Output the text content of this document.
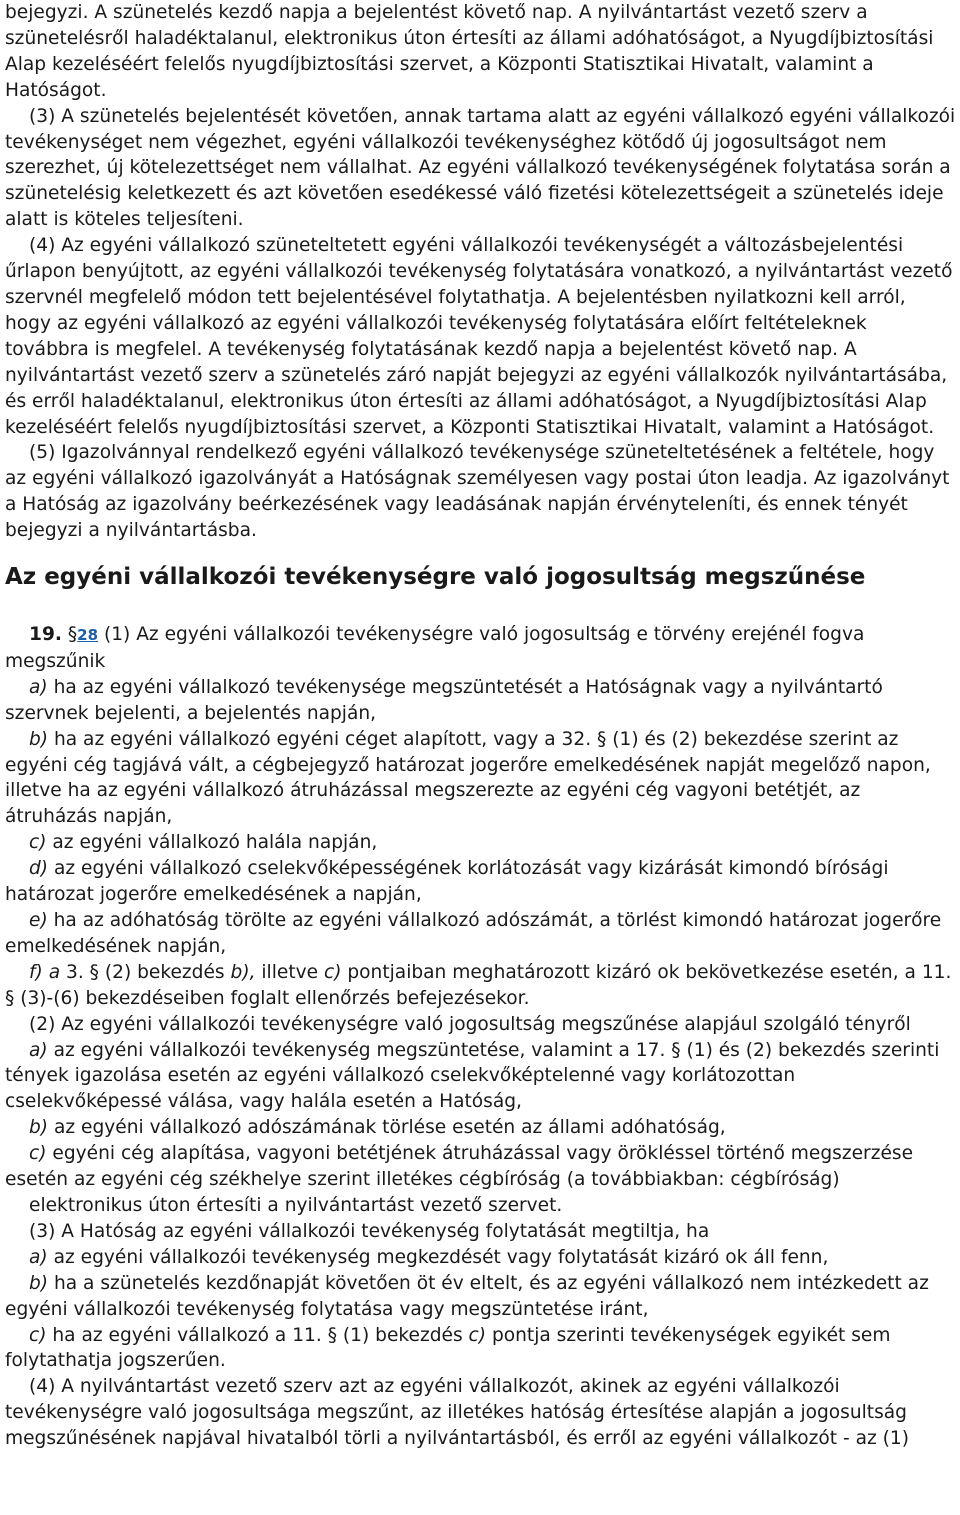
bejegyzi. A szünetelés kezdő napja a bejelentést követő nap. A nyilvántartást vezető szerv a szünetelésről haladéktalanul, elektronikus úton értesíti az állami adóhatóságot, a Nyugdíjbiztosítási Alap kezeléséért felelős nyugdíjbiztosítási szervet, a Központi Statisztikai Hivatalt, valamint a Hatóságot.

(3) A szünetelés bejelentését követően, annak tartama alatt az egyéni vállalkozó egyéni vállalkozói tevékenységet nem végezhet, egyéni vállalkozói tevékenységhez kötődő új jogosultságot nem szerezhet, új kötelezettséget nem vállalhat. Az egyéni vállalkozó tevékenységének folytatása során a szünetelésig keletkezett és azt követően esedékessé váló fizetési kötelezettségeit a szünetelés ideje alatt is köteles teljesíteni.

(4) Az egyéni vállalkozó szüneteltetett egyéni vállalkozói tevékenységét a változásbejelentési űrlapon benyújtott, az egyéni vállalkozói tevékenység folytatására vonatkozó, a nyilvántartást vezető szervnél megfelelő módon tett bejelentésével folytathatja. A bejelentésben nyilatkozni kell arról, hogy az egyéni vállalkozó az egyéni vállalkozói tevékenység folytatására előírt feltételeknek továbbra is megfelel. A tevékenység folytatásának kezdő napja a bejelentést követő nap. A nyilvántartást vezető szerv a szünetelés záró napját bejegyzi az egyéni vállalkozók nyilvántartásába, és erről haladéktalanul, elektronikus úton értesíti az állami adóhatóságot, a Nyugdíjbiztosítási Alap kezeléséért felelős nyugdíjbiztosítási szervet, a Központi Statisztikai Hivatalt, valamint a Hatóságot.

(5) Igazolvánnyal rendelkező egyéni vállalkozó tevékenysége szüneteltetésének a feltétele, hogy az egyéni vállalkozó igazolványát a Hatóságnak személyesen vagy postai úton leadja. Az igazolványt a Hatóság az igazolvány beérkezésének vagy leadásának napján érvényteleníti, és ennek tényét bejegyzi a nyilvántartásba.

Az egyéni vállalkozói tevékenységre való jogosultság megszűnése

19. §28 (1) Az egyéni vállalkozói tevékenységre való jogosultság e törvény erejénél fogva megszűnik

a) ha az egyéni vállalkozó tevékenysége megszüntetését a Hatóságnak vagy a nyilvántartó szervnek bejelenti, a bejelentés napján,

b) ha az egyéni vállalkozó egyéni céget alapított, vagy a 32. § (1) és (2) bekezdése szerint az egyéni cég tagjává vált, a cégbejegyző határozat jogerőre emelkedésének napját megelőző napon, illetve ha az egyéni vállalkozó átruházással megszerezte az egyéni cég vagyoni betétjét, az átruházás napján,

c) az egyéni vállalkozó halála napján,

d) az egyéni vállalkozó cselekvőképességének korlátozását vagy kizárását kimondó bírósági határozat jogerőre emelkedésének a napján,

e) ha az adóhatóság törölte az egyéni vállalkozó adószámát, a törlést kimondó határozat jogerőre emelkedésének napján,

f) a 3. § (2) bekezdés b), illetve c) pontjaiban meghatározott kizáró ok bekövetkezése esetén, a 11. § (3)-(6) bekezdéseiben foglalt ellenőrzés befejezésekor.

(2) Az egyéni vállalkozói tevékenységre való jogosultság megszűnése alapjául szolgáló tényről

a) az egyéni vállalkozói tevékenység megszüntetése, valamint a 17. § (1) és (2) bekezdés szerinti tények igazolása esetén az egyéni vállalkozó cselekvőképtelenné vagy korlátozottan cselekvőképessé válása, vagy halála esetén a Hatóság,

b) az egyéni vállalkozó adószámának törlése esetén az állami adóhatóság,

c) egyéni cég alapítása, vagyoni betétjének átruházással vagy örökléssel történő megszerzése esetén az egyéni cég székhelye szerint illetékes cégbíróság (a továbbiakban: cégbíróság)

elektronikus úton értesíti a nyilvántartást vezető szervet.

(3) A Hatóság az egyéni vállalkozói tevékenység folytatását megtiltja, ha

a) az egyéni vállalkozói tevékenység megkezdését vagy folytatását kizáró ok áll fenn,

b) ha a szünetelés kezdőnapját követően öt év eltelt, és az egyéni vállalkozó nem intézkedett az egyéni vállalkozói tevékenység folytatása vagy megszüntetése iránt,

c) ha az egyéni vállalkozó a 11. § (1) bekezdés c) pontja szerinti tevékenységek egyikét sem folytathatja jogszerűen.

(4) A nyilvántartást vezető szerv azt az egyéni vállalkozót, akinek az egyéni vállalkozói tevékenységre való jogosultsága megszűnt, az illetékes hatóság értesítése alapján a jogosultság megszűnésének napjával hivatalból törli a nyilvántartásból, és erről az egyéni vállalkozót - az (1)
